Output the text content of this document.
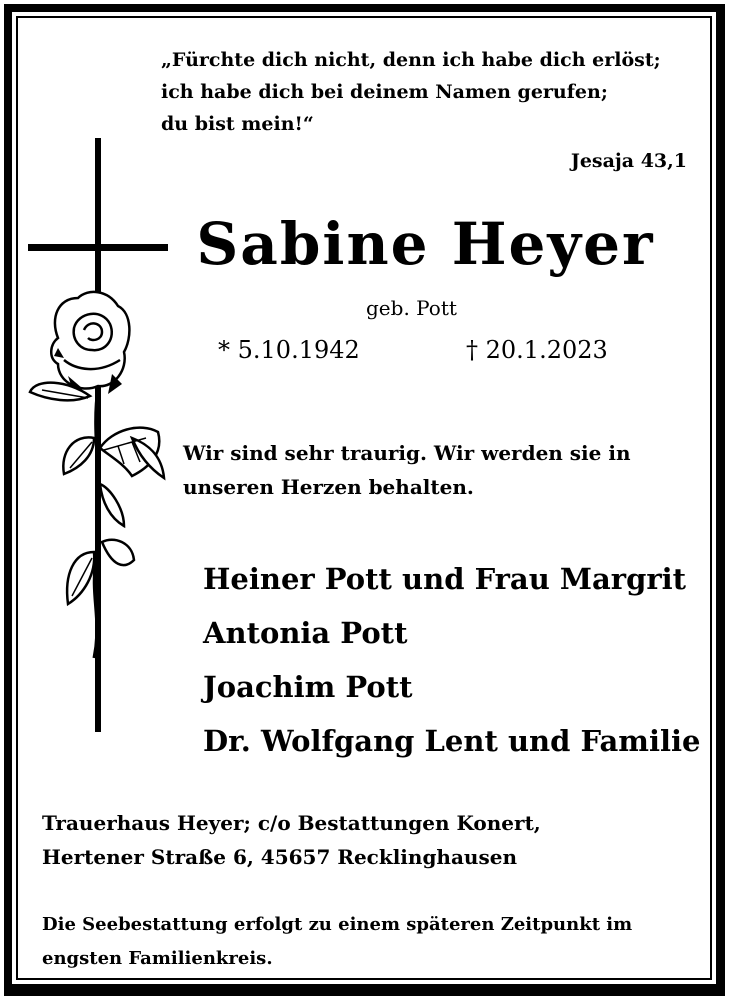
„Fürchte dich nicht, denn ich habe dich erlöst;
ich habe dich bei deinem Namen gerufen;
du bist mein!“
Jesaja 43,1
Sabine Heyer
geb. Pott
* 5.10.1942	† 20.1.2023
Wir sind sehr traurig. Wir werden sie in
unseren Herzen behalten.
Heiner Pott und Frau Margrit
Antonia Pott
Joachim Pott
Dr. Wolfgang Lent und Familie
Trauerhaus Heyer; c/o Bestattungen Konert,
Hertener Straße 6, 45657 Recklinghausen
Die Seebestattung erfolgt zu einem späteren Zeitpunkt im
engsten Familienkreis.
